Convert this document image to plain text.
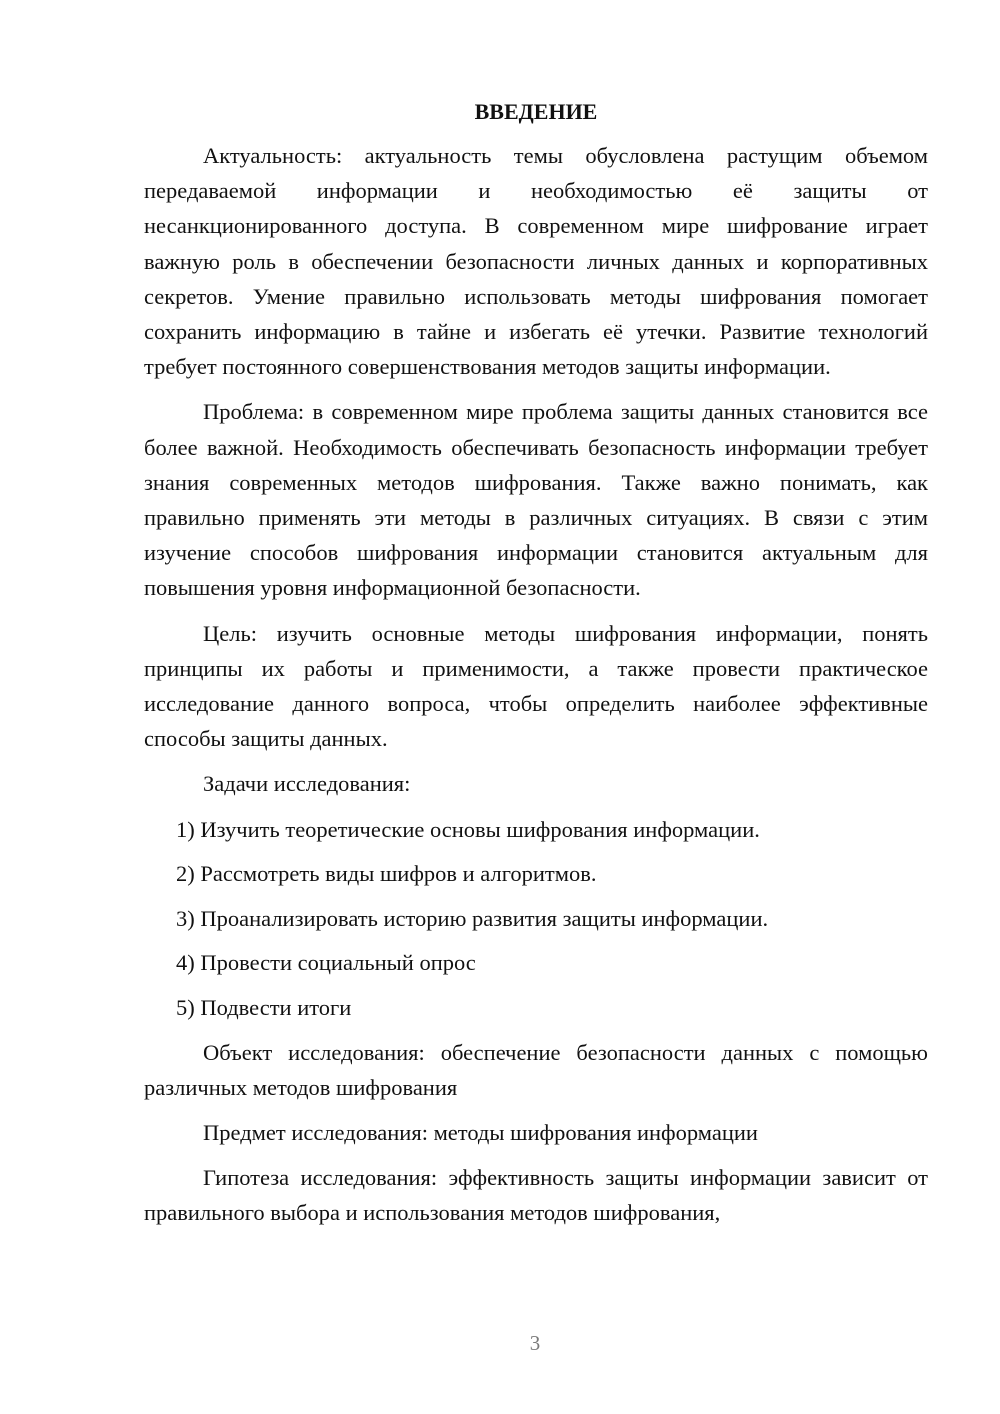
ВВЕДЕНИЕ
Актуальность: актуальность темы обусловлена растущим объемом передаваемой информации и необходимостью её защиты от несанкционированного доступа. В современном мире шифрование играет важную роль в обеспечении безопасности личных данных и корпоративных секретов. Умение правильно использовать методы шифрования помогает сохранить информацию в тайне и избегать её утечки. Развитие технологий требует постоянного совершенствования методов защиты информации.
Проблема: в современном мире проблема защиты данных становится все более важной. Необходимость обеспечивать безопасность информации требует знания современных методов шифрования. Также важно понимать, как правильно применять эти методы в различных ситуациях. В связи с этим изучение способов шифрования информации становится актуальным для повышения уровня информационной безопасности.
Цель: изучить основные методы шифрования информации, понять принципы их работы и применимости, а также провести практическое исследование данного вопроса, чтобы определить наиболее эффективные способы защиты данных.
Задачи исследования:
1) Изучить теоретические основы шифрования информации.
2) Рассмотреть виды шифров и алгоритмов.
3) Проанализировать историю развития защиты информации.
4) Провести социальный опрос
5) Подвести итоги
Объект исследования: обеспечение безопасности данных с помощью различных методов шифрования
Предмет исследования: методы шифрования информации
Гипотеза исследования: эффективность защиты информации зависит от правильного выбора и использования методов шифрования,
3
